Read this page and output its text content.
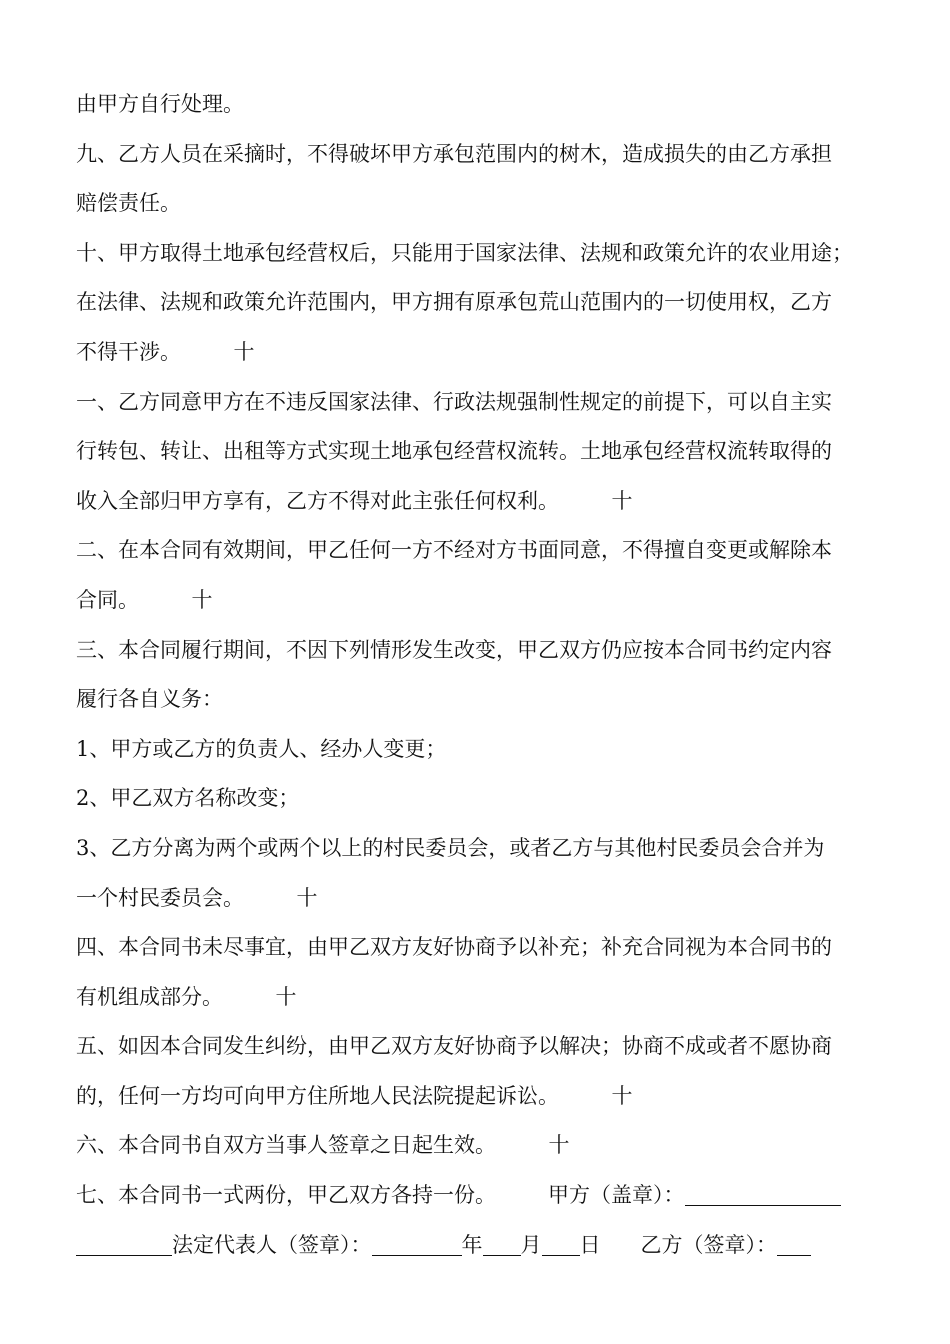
由甲方自行处理。
九、乙方人员在采摘时，不得破坏甲方承包范围内的树木，造成损失的由乙方承担
赔偿责任。
十、甲方取得土地承包经营权后，只能用于国家法律、法规和政策允许的农业用途；
在法律、法规和政策允许范围内，甲方拥有原承包荒山范围内的一切使用权，乙方
不得干涉。　　　十
一、乙方同意甲方在不违反国家法律、行政法规强制性规定的前提下，可以自主实
行转包、转让、出租等方式实现土地承包经营权流转。土地承包经营权流转取得的
收入全部归甲方享有，乙方不得对此主张任何权利。　　　十
二、在本合同有效期间，甲乙任何一方不经对方书面同意，不得擅自变更或解除本
合同。　　　十
三、本合同履行期间，不因下列情形发生改变，甲乙双方仍应按本合同书约定内容
履行各自义务：
1、甲方或乙方的负责人、经办人变更；
2、甲乙双方名称改变；
3、乙方分离为两个或两个以上的村民委员会，或者乙方与其他村民委员会合并为
一个村民委员会。　　　十
四、本合同书未尽事宜，由甲乙双方友好协商予以补充；补充合同视为本合同书的
有机组成部分。　　　十
五、如因本合同发生纠纷，由甲乙双方友好协商予以解决；协商不成或者不愿协商
的，任何一方均可向甲方住所地人民法院提起诉讼。　　　十
六、本合同书自双方当事人签章之日起生效。　　　十
七、本合同书一式两份，甲乙双方各持一份。 甲方（盖章）：
法定代表人（签章）：	年 月 日 乙方（签章）：
